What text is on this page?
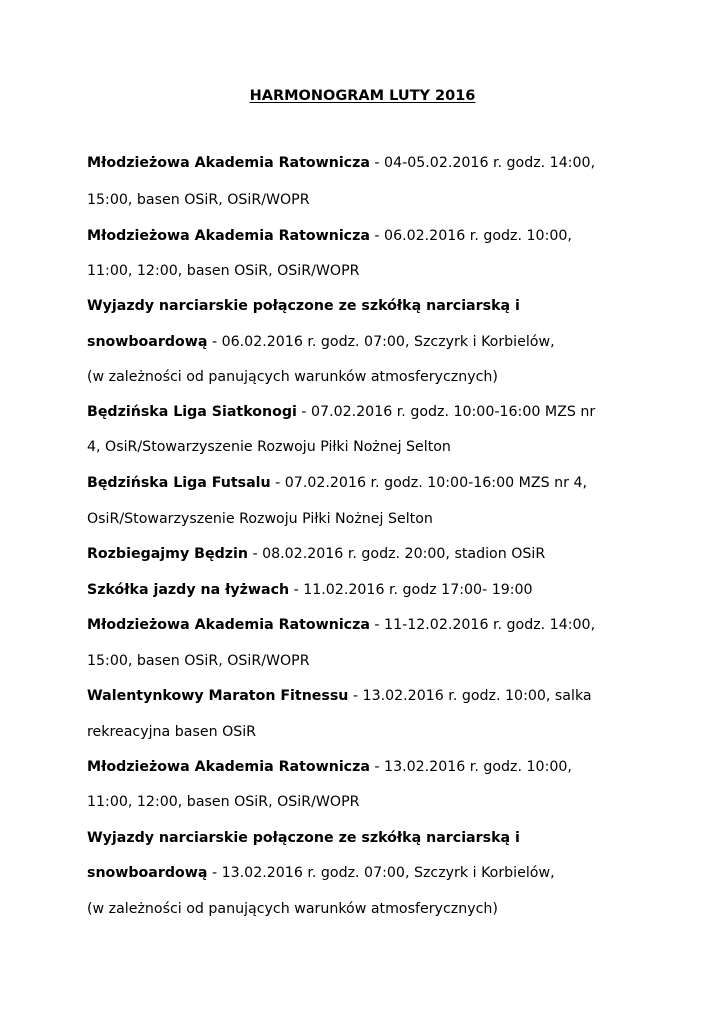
HARMONOGRAM LUTY 2016
Młodzieżowa Akademia Ratownicza - 04-05.02.2016 r. godz. 14:00,
15:00, basen OSiR, OSiR/WOPR
Młodzieżowa Akademia Ratownicza - 06.02.2016 r. godz. 10:00,
11:00, 12:00, basen OSiR, OSiR/WOPR
Wyjazdy narciarskie połączone ze szkółką narciarską i
snowboardową - 06.02.2016 r. godz. 07:00, Szczyrk i Korbielów,
(w zależności od panujących warunków atmosferycznych)
Będzińska Liga Siatkonogi - 07.02.2016 r. godz. 10:00-16:00 MZS nr
4, OsiR/Stowarzyszenie Rozwoju Piłki Nożnej Selton
Będzińska Liga Futsalu - 07.02.2016 r. godz. 10:00-16:00 MZS nr 4,
OsiR/Stowarzyszenie Rozwoju Piłki Nożnej Selton
Rozbiegajmy Będzin - 08.02.2016 r. godz. 20:00, stadion OSiR
Szkółka jazdy na łyżwach - 11.02.2016 r. godz 17:00- 19:00
Młodzieżowa Akademia Ratownicza - 11-12.02.2016 r. godz. 14:00,
15:00, basen OSiR, OSiR/WOPR
Walentynkowy Maraton Fitnessu - 13.02.2016 r. godz. 10:00, salka
rekreacyjna basen OSiR
Młodzieżowa Akademia Ratownicza - 13.02.2016 r. godz. 10:00,
11:00, 12:00, basen OSiR, OSiR/WOPR
Wyjazdy narciarskie połączone ze szkółką narciarską i
snowboardową - 13.02.2016 r. godz. 07:00, Szczyrk i Korbielów,
(w zależności od panujących warunków atmosferycznych)
